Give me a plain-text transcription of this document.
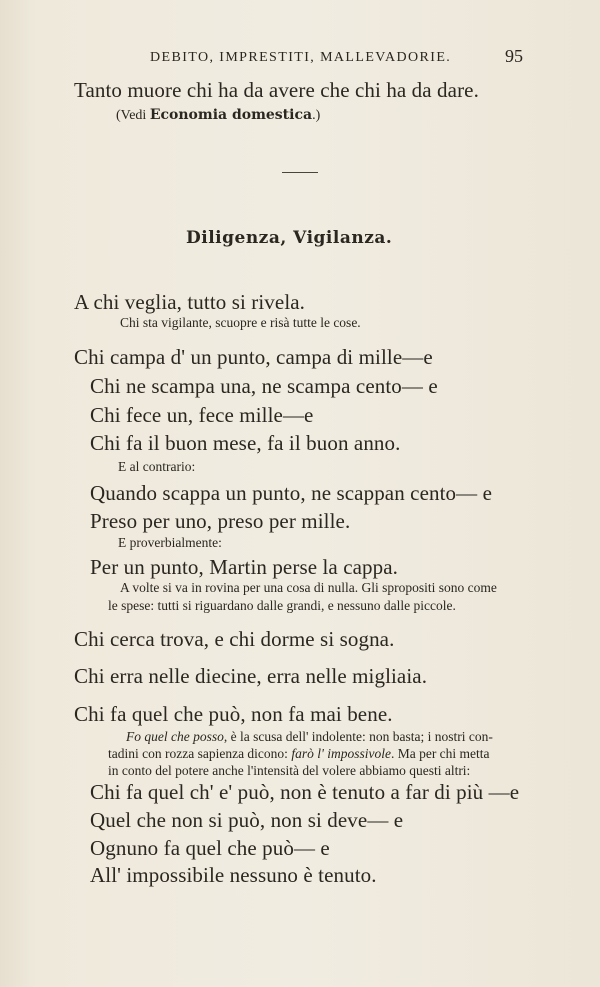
DEBITO, IMPRESTITI, MALLEVADORIE.	95
Tanto muore chi ha da avere che chi ha da dare.
(Vedi Economia domestica.)
Diligenza, Vigilanza.
A chi veglia, tutto si rivela.
Chi sta vigilante, scuopre e risà tutte le cose.
Chi campa d' un punto, campa di mille—e
Chi ne scampa una, ne scampa cento— e
Chi fece un, fece mille—e
Chi fa il buon mese, fa il buon anno.
E al contrario:
Quando scappa un punto, ne scappan cento— e
Preso per uno, preso per mille.
E proverbialmente:
Per un punto, Martin perse la cappa.
A volte si va in rovina per una cosa di nulla. Gli spropositi sono come
le spese: tutti si riguardano dalle grandi, e nessuno dalle piccole.
Chi cerca trova, e chi dorme si sogna.
Chi erra nelle diecine, erra nelle migliaia.
Chi fa quel che può, non fa mai bene.
Fo quel che posso, è la scusa dell' indolente: non basta; i nostri con-
tadini con rozza sapienza dicono: farò l' impossivole. Ma per chi metta
in conto del potere anche l'intensità del volere abbiamo questi altri:
Chi fa quel ch' e' può, non è tenuto a far di più —e
Quel che non si può, non si deve— e
Ognuno fa quel che può— e
All' impossibile nessuno è tenuto.
